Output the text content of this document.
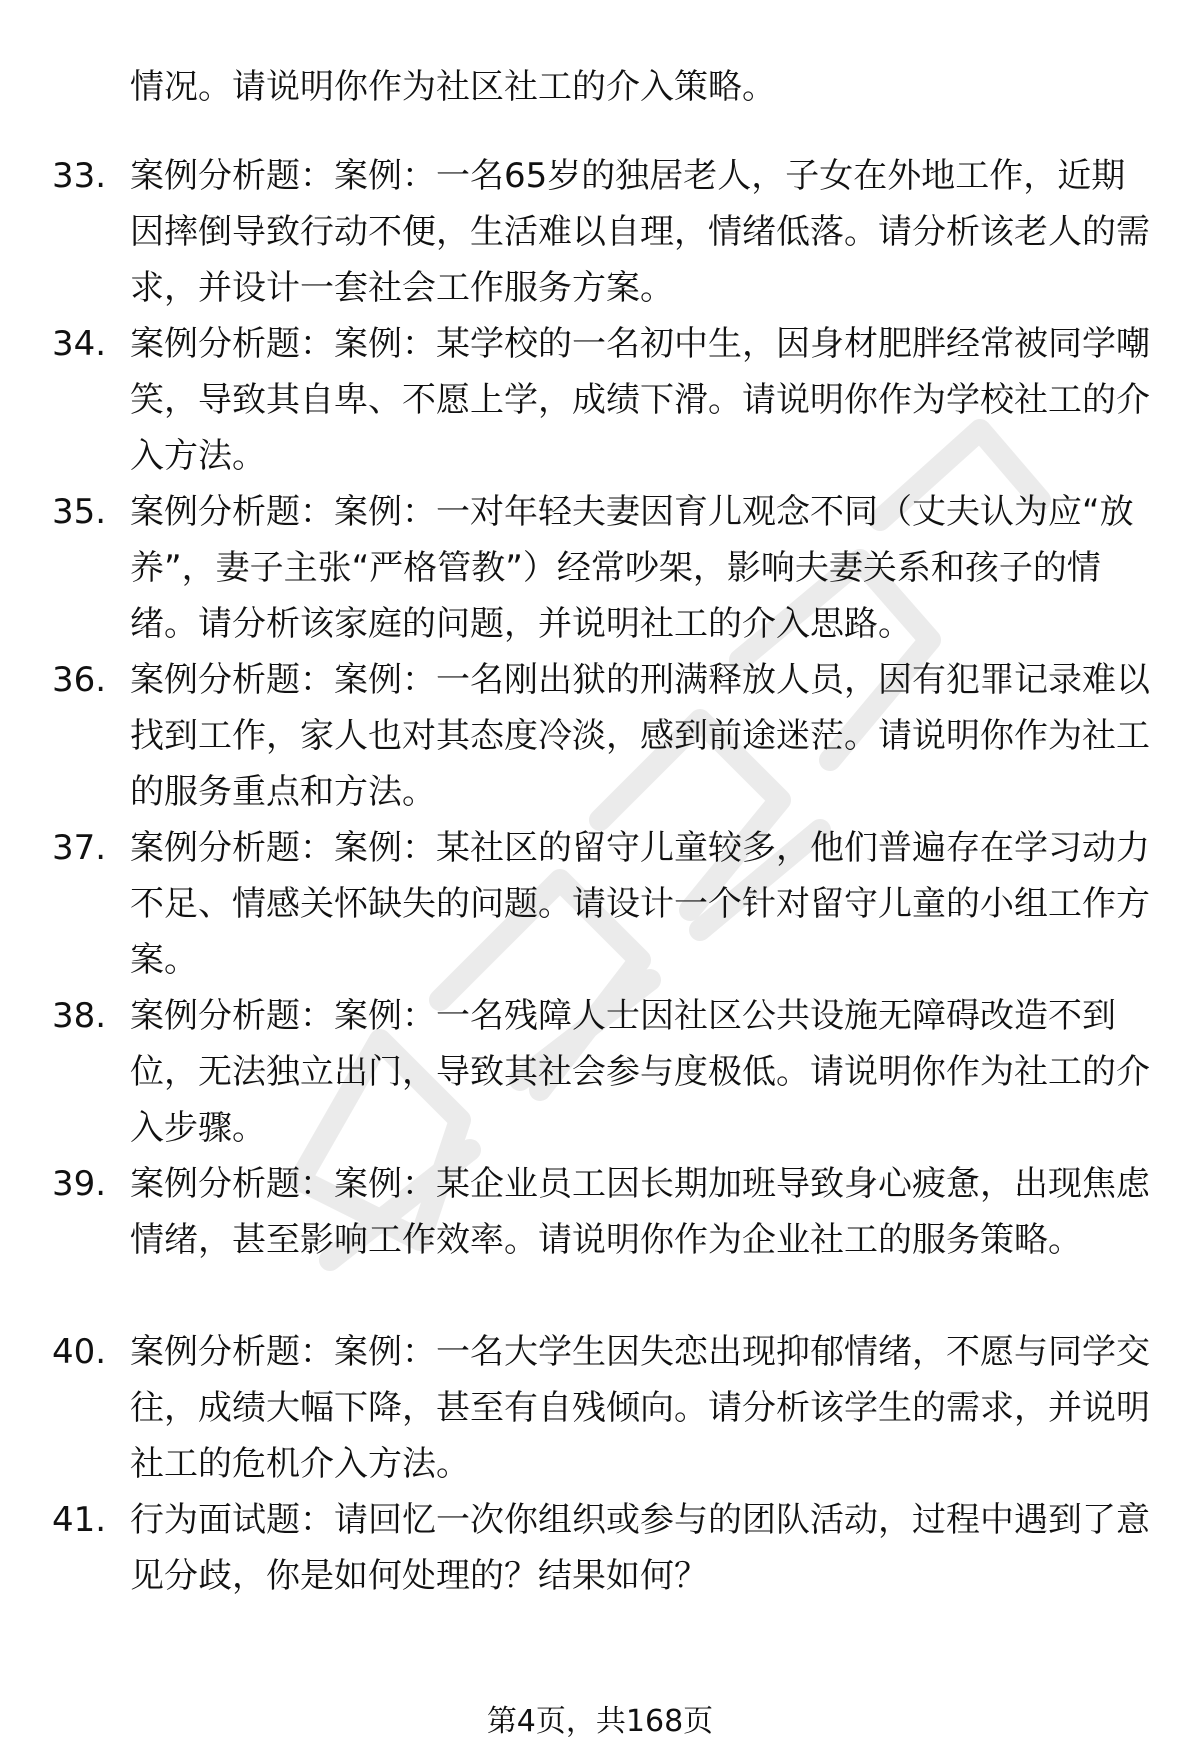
情况。请说明你作为社区社工的介入策略。
33. 案例分析题：案例：一名65岁的独居老人，子女在外地工作，近期因摔倒导致行动不便，生活难以自理，情绪低落。请分析该老人的需求，并设计一套社会工作服务方案。
34. 案例分析题：案例：某学校的一名初中生，因身材肥胖经常被同学嘲笑，导致其自卑、不愿上学，成绩下滑。请说明你作为学校社工的介入方法。
35. 案例分析题：案例：一对年轻夫妻因育儿观念不同（丈夫认为应“放养”，妻子主张“严格管教”）经常吵架，影响夫妻关系和孩子的情绪。请分析该家庭的问题，并说明社工的介入思路。
36. 案例分析题：案例：一名刚出狱的刑满释放人员，因有犯罪记录难以找到工作，家人也对其态度冷淡，感到前途迷茫。请说明你作为社工的服务重点和方法。
37. 案例分析题：案例：某社区的留守儿童较多，他们普遍存在学习动力不足、情感关怀缺失的问题。请设计一个针对留守儿童的小组工作方案。
38. 案例分析题：案例：一名残障人士因社区公共设施无障碍改造不到位，无法独立出门，导致其社会参与度极低。请说明你作为社工的介入步骤。
39. 案例分析题：案例：某企业员工因长期加班导致身心疲惫，出现焦虑情绪，甚至影响工作效率。请说明你作为企业社工的服务策略。
40. 案例分析题：案例：一名大学生因失恋出现抑郁情绪，不愿与同学交往，成绩大幅下降，甚至有自残倾向。请分析该学生的需求，并说明社工的危机介入方法。
41. 行为面试题：请回忆一次你组织或参与的团队活动，过程中遇到了意见分歧，你是如何处理的？结果如何？
第4页，共168页
